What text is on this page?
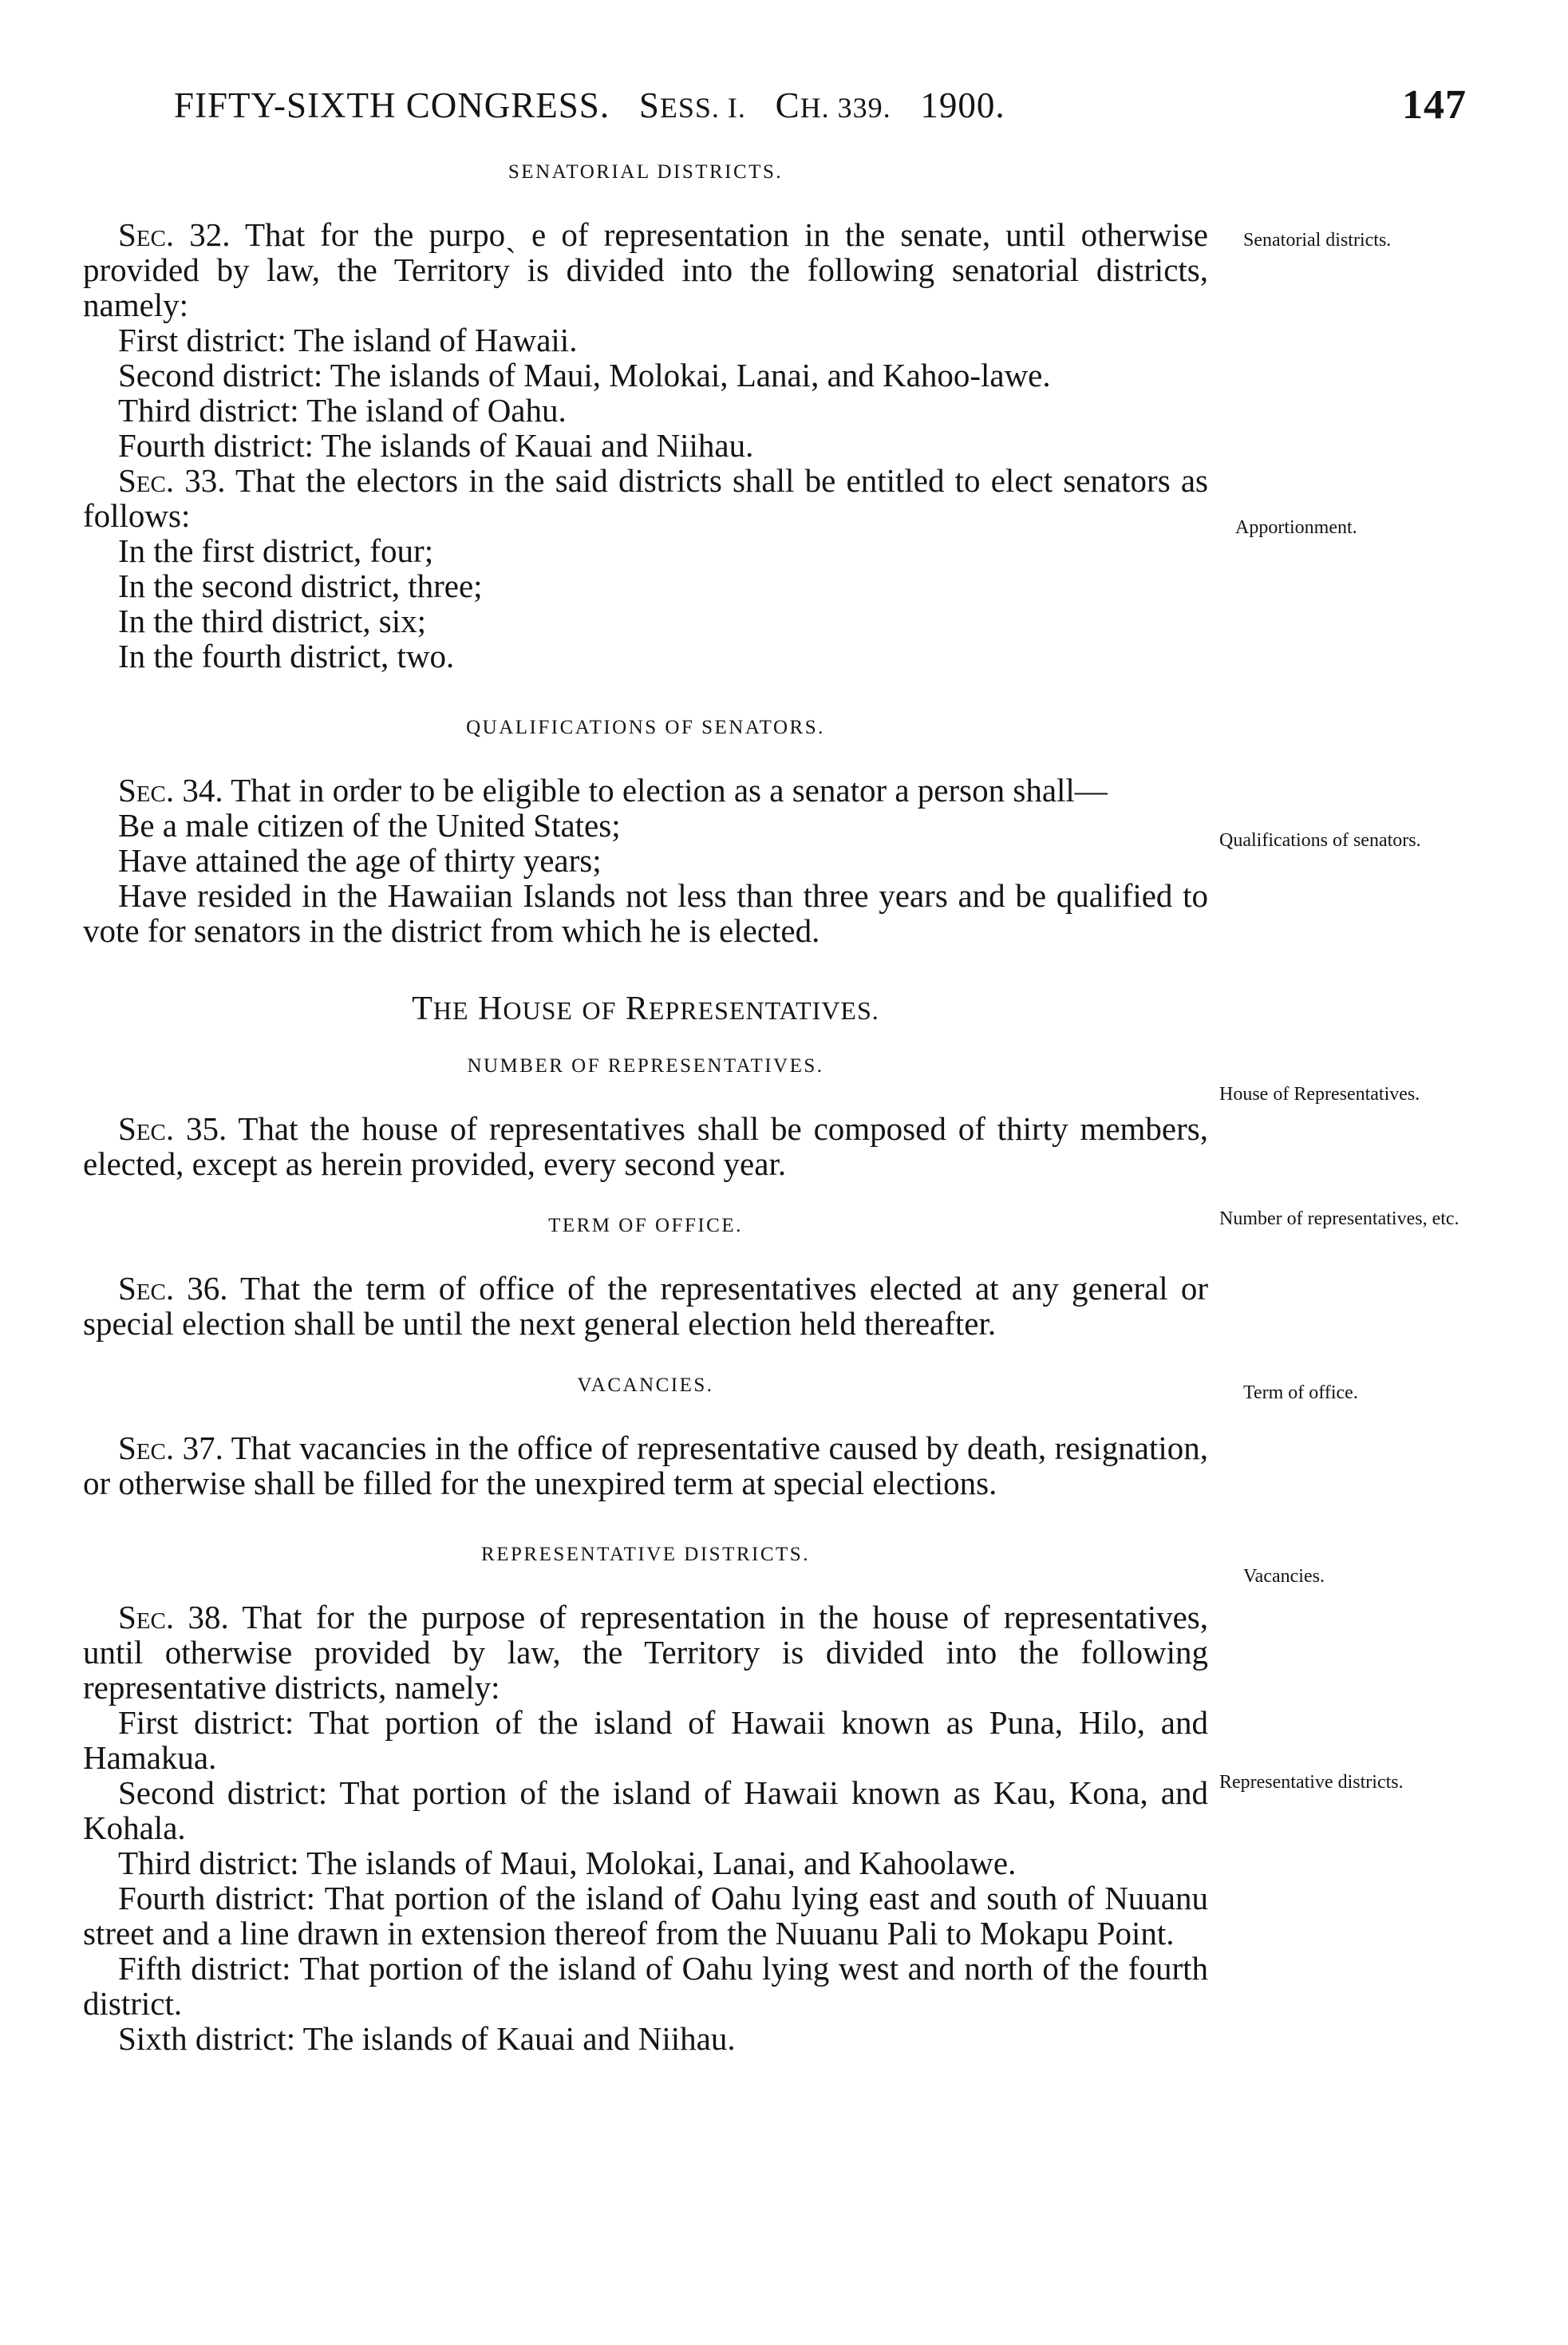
FIFTY-SIXTH CONGRESS. SESS. I. CH. 339. 1900.	147

SENATORIAL DISTRICTS.

Sec. 32. That for the purpoˎ e of representation in the senate, until otherwise provided by law, the Territory is divided into the following senatorial districts, namely:

First district: The island of Hawaii.

Second district: The islands of Maui, Molokai, Lanai, and Kahoo-lawe.

Third district: The island of Oahu.

Fourth district: The islands of Kauai and Niihau.

Sec. 33. That the electors in the said districts shall be entitled to elect senators as follows:

In the first district, four;

In the second district, three;

In the third district, six;

In the fourth district, two.

QUALIFICATIONS OF SENATORS.

Sec. 34. That in order to be eligible to election as a senator a person shall—

Be a male citizen of the United States;

Have attained the age of thirty years;

Have resided in the Hawaiian Islands not less than three years and be qualified to vote for senators in the district from which he is elected.

THE HOUSE OF REPRESENTATIVES.

NUMBER OF REPRESENTATIVES.

Sec. 35. That the house of representatives shall be composed of thirty members, elected, except as herein provided, every second year.

TERM OF OFFICE.

Sec. 36. That the term of office of the representatives elected at any general or special election shall be until the next general election held thereafter.

VACANCIES.

Sec. 37. That vacancies in the office of representative caused by death, resignation, or otherwise shall be filled for the unexpired term at special elections.

REPRESENTATIVE DISTRICTS.

Sec. 38. That for the purpose of representation in the house of representatives, until otherwise provided by law, the Territory is divided into the following representative districts, namely:

First district: That portion of the island of Hawaii known as Puna, Hilo, and Hamakua.

Second district: That portion of the island of Hawaii known as Kau, Kona, and Kohala.

Third district: The islands of Maui, Molokai, Lanai, and Kahoolawe.

Fourth district: That portion of the island of Oahu lying east and south of Nuuanu street and a line drawn in extension thereof from the Nuuanu Pali to Mokapu Point.

Fifth district: That portion of the island of Oahu lying west and north of the fourth district.

Sixth district: The islands of Kauai and Niihau.

Senatorial districts.
Apportionment.
Qualifications of senators.
House of Representatives.
Number of representatives, etc.
Term of office.
Vacancies.
Representative districts.
